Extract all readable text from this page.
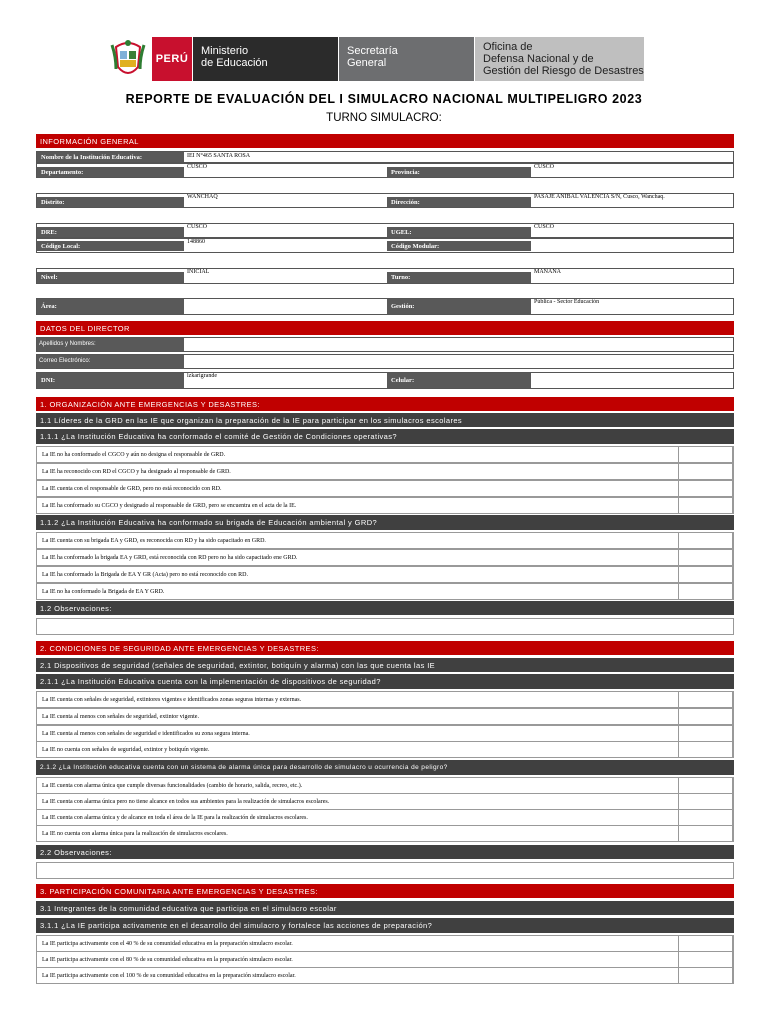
PERÚ
Ministerio
de Educación
Secretaría
General
Oficina de
Defensa Nacional y de
Gestión del Riesgo de Desastres
REPORTE DE EVALUACIÓN DEL I SIMULACRO NACIONAL MULTIPELIGRO 2023
TURNO SIMULACRO:
INFORMACIÓN GENERAL
Nombre de la Institución Educativa:	IEI N°465 SANTA ROSA
Departamento:
CUSCO
Provincia:
CUSCO
Distrito:
WANCHAQ
Dirección:
PASAJE ANIBAL VALENCIA S/N, Cusco, Wanchaq.
DRE:
CUSCO
UGEL:
CUSCO
Código Local:
148860
Código Modular:
Nivel:
INICIAL
Turno:
MAÑANA
Área:	Gestión:
Pública - Sector Educación
DATOS DEL DIRECTOR
Apellidos y Nombres:
Correo Electrónico:
DNI:
lzkarigrande
Celular:
1. ORGANIZACIÓN ANTE EMERGENCIAS Y DESASTRES:
1.1 Líderes de la GRD en las IE que organizan la preparación de la IE para participar en los simulacros escolares
1.1.1 ¿La Institución Educativa ha conformado el comité de Gestión de Condiciones operativas?
La IE no ha conformado el CGCO y aún no designa el responsable de GRD.
La IE ha reconocido con RD el CGCO y ha designado al responsable de GRD.
La IE cuenta con el responsable de GRD, pero no está reconocido con RD.
La IE ha conformado su CGCO y designado al responsable de GRD, pero se encuentra en el acta de la IE.
1.1.2 ¿La Institución Educativa ha conformado su brigada de Educación ambiental y GRD?
La IE cuenta con su brigada EA y GRD, es reconocida con RD y ha sido capacitado en GRD.
La IE ha conformado la brigada EA y GRD, está reconocida con RD pero no ha sido capacitado ene GRD.
La IE ha conformado la Brigada de EA Y GR (Acta) pero no está reconocido con RD.
La IE no ha conformado la Brigada de EA Y GRD.
1.2 Observaciones:
2. CONDICIONES DE SEGURIDAD ANTE EMERGENCIAS Y DESASTRES:
2.1 Dispositivos de seguridad (señales de seguridad, extintor, botiquín y alarma) con las que cuenta las IE
2.1.1 ¿La Institución Educativa cuenta con la implementación de dispositivos de seguridad?
La IE cuenta con señales de seguridad, extintores vigentes e identificados zonas seguras internas y externas.
La IE cuenta al menos con señales de seguridad, extintor vigente.
La IE cuenta al menos con señales de seguridad e identificados su zona segura interna.
La IE no cuenta con señales de seguridad, extintor y botiquín vigente.
2.1.2 ¿La Institución educativa cuenta con un sistema de alarma única para desarrollo de simulacro u ocurrencia de peligro?
La IE cuenta con alarma única que cumple diversas funcionalidades (cambio de horario, salida, recreo, etc.).
La IE cuenta con alarma única pero no tiene alcance en todos sus ambientes para la realización de simulacros escolares.
La IE cuenta con alarma única y de alcance en toda el área de la IE para la realización de simulacros escolares.
La IE no cuenta con alarma única para la realización de simulacros escolares.
2.2 Observaciones:
3. PARTICIPACIÓN COMUNITARIA ANTE EMERGENCIAS Y DESASTRES:
3.1 Integrantes de la comunidad educativa que participa en el simulacro escolar
3.1.1 ¿La IE participa activamente en el desarrollo del simulacro y fortalece las acciones de preparación?
La IE participa activamente con el 40 % de su comunidad educativa en la preparación simulacro escolar.
La IE participa activamente con el 80 % de su comunidad educativa en la preparación simulacro escolar.
La IE participa activamente con el 100 % de su comunidad educativa en la preparación simulacro escolar.
